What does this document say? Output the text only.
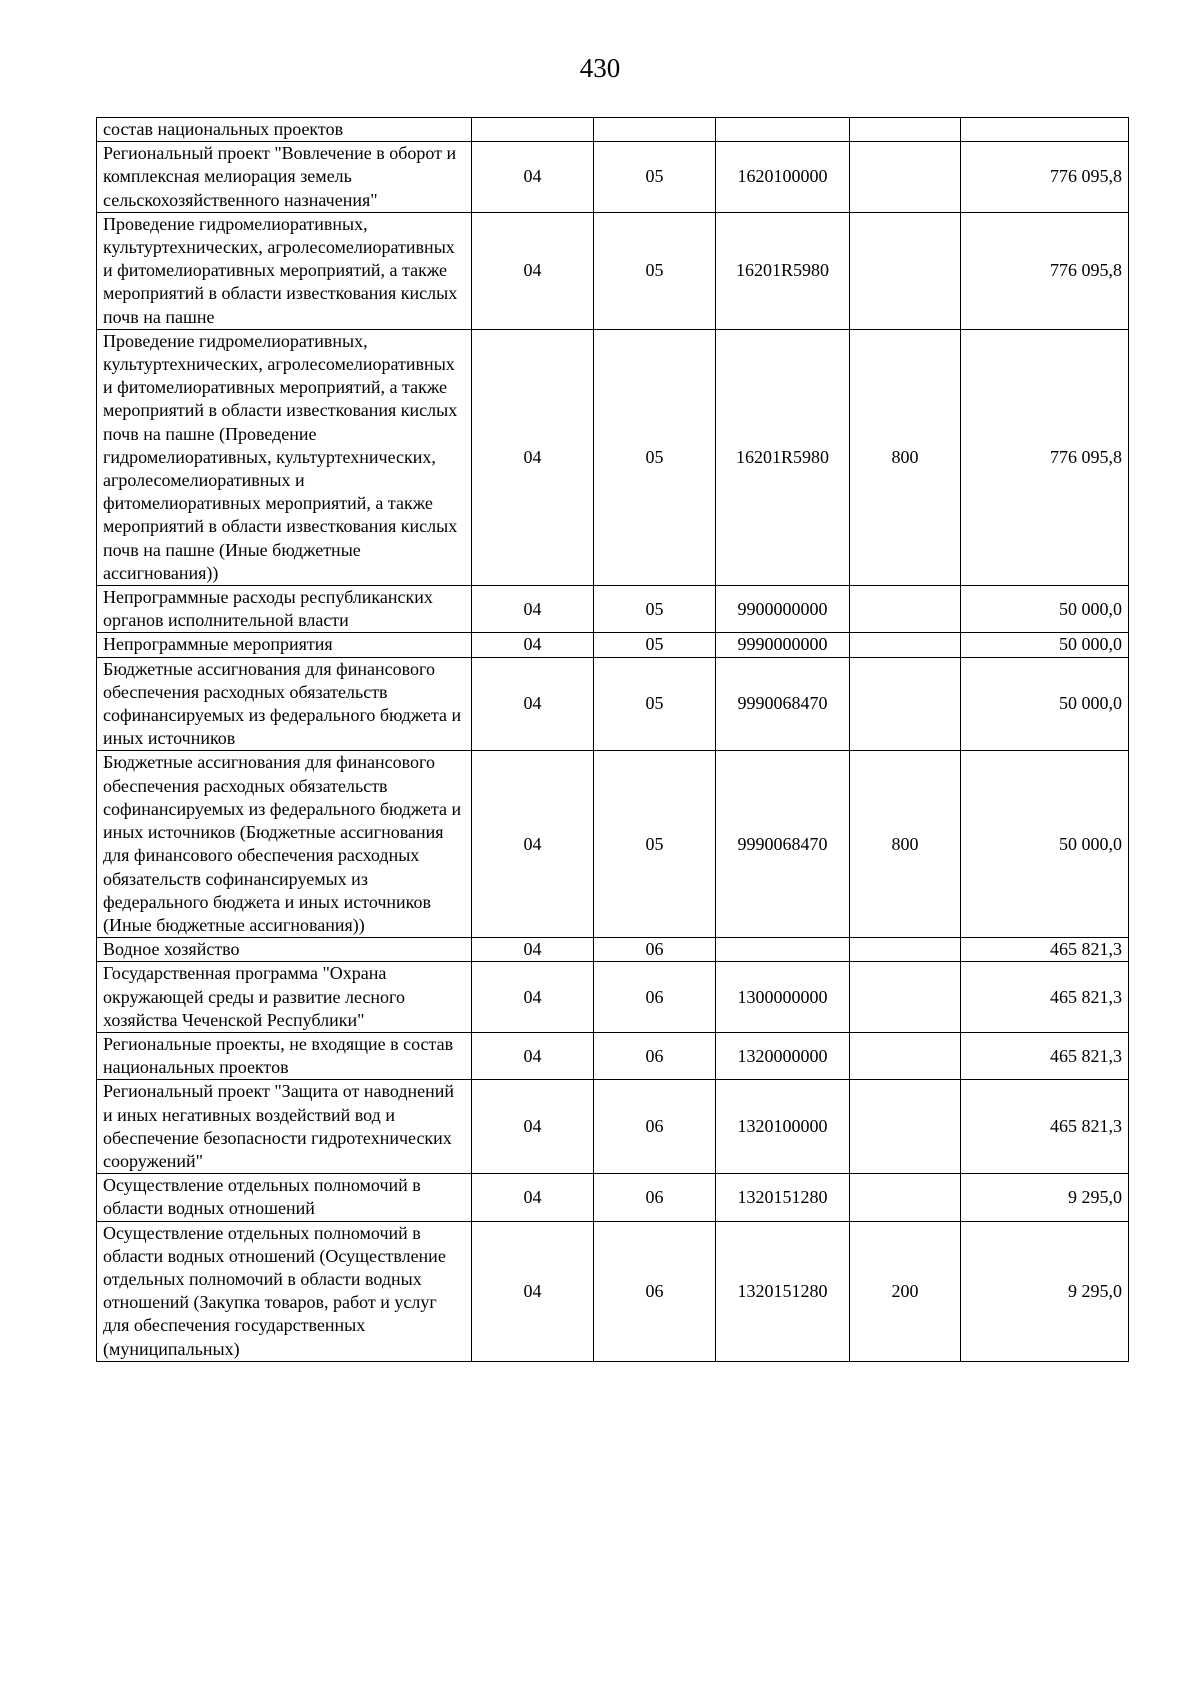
430
состав национальных проектов					
Региональный проект "Вовлечение в оборот и комплексная мелиорация земель сельскохозяйственного назначения"	04	05	1620100000		776 095,8
Проведение гидромелиоративных, культуртехнических, агролесомелиоративных и фитомелиоративных мероприятий, а также мероприятий в области известкования кислых почв на пашне	04	05	16201R5980		776 095,8
Проведение гидромелиоративных, культуртехнических, агролесомелиоративных и фитомелиоративных мероприятий, а также мероприятий в области известкования кислых почв на пашне (Проведение гидромелиоративных, культуртехнических, агролесомелиоративных и фитомелиоративных мероприятий, а также мероприятий в области известкования кислых почв на пашне (Иные бюджетные ассигнования))	04	05	16201R5980	800	776 095,8
Непрограммные расходы республиканских органов исполнительной власти	04	05	9900000000		50 000,0
Непрограммные мероприятия	04	05	9990000000		50 000,0
Бюджетные ассигнования для финансового обеспечения расходных обязательств софинансируемых из федерального бюджета и иных источников	04	05	9990068470		50 000,0
Бюджетные ассигнования для финансового обеспечения расходных обязательств софинансируемых из федерального бюджета и иных источников (Бюджетные ассигнования для финансового обеспечения расходных обязательств софинансируемых из федерального бюджета и иных источников (Иные бюджетные ассигнования))	04	05	9990068470	800	50 000,0
Водное хозяйство	04	06			465 821,3
Государственная программа "Охрана окружающей среды и развитие лесного хозяйства Чеченской Республики"	04	06	1300000000		465 821,3
Региональные проекты, не входящие в состав национальных проектов	04	06	1320000000		465 821,3
Региональный проект "Защита от наводнений и иных негативных воздействий вод и обеспечение безопасности гидротехнических сооружений"	04	06	1320100000		465 821,3
Осуществление отдельных полномочий в области водных отношений	04	06	1320151280		9 295,0
Осуществление отдельных полномочий в области водных отношений (Осуществление отдельных полномочий в области водных отношений (Закупка товаров, работ и услуг для обеспечения государственных (муниципальных)	04	06	1320151280	200	9 295,0
